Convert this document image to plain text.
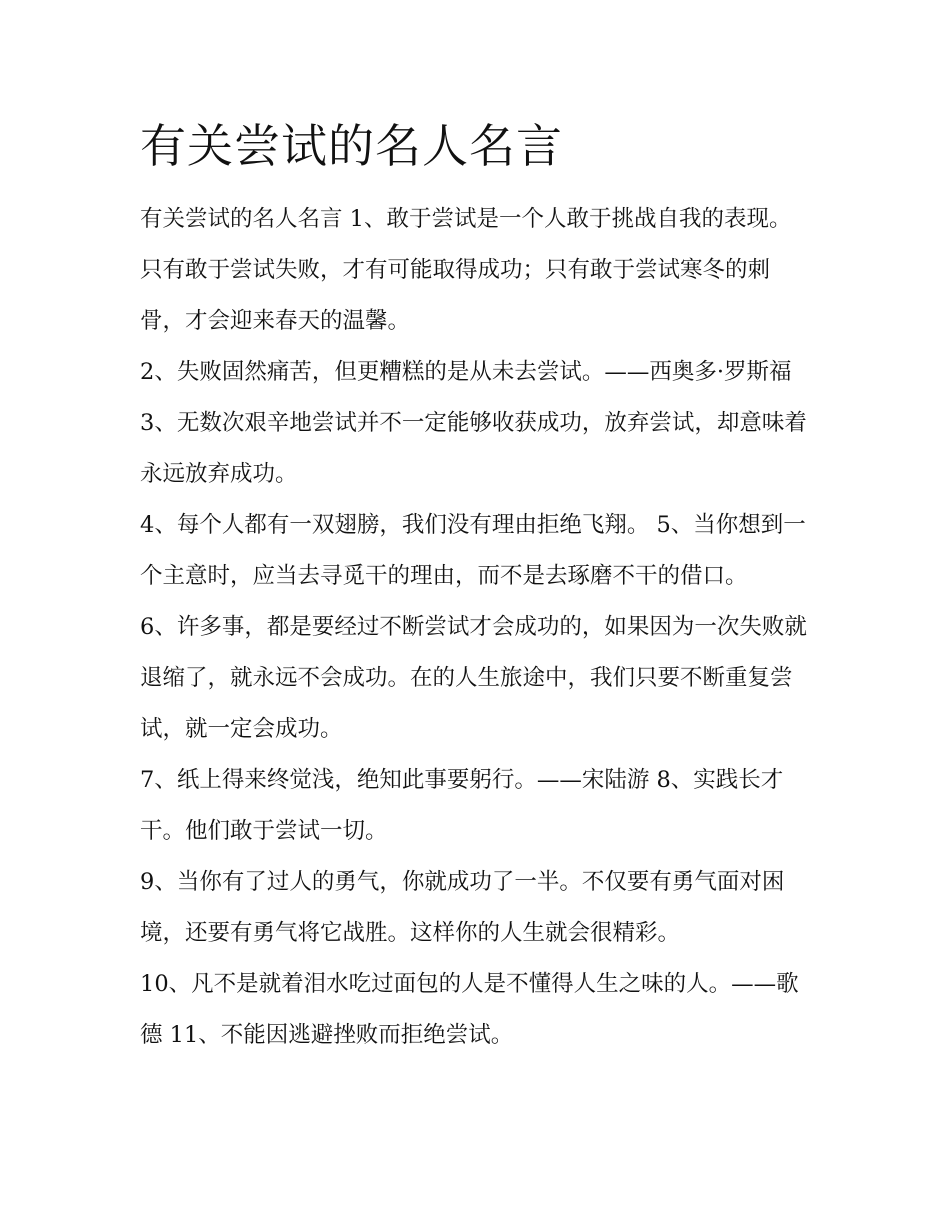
有关尝试的名人名言

有关尝试的名人名言 1、敢于尝试是一个人敢于挑战自我的表现。只有敢于尝试失败，才有可能取得成功；只有敢于尝试寒冬的刺骨，才会迎来春天的温馨。

2、失败固然痛苦，但更糟糕的是从未去尝试。——西奥多·罗斯福 3、无数次艰辛地尝试并不一定能够收获成功，放弃尝试，却意味着永远放弃成功。

4、每个人都有一双翅膀，我们没有理由拒绝飞翔。 5、当你想到一个主意时，应当去寻觅干的理由，而不是去琢磨不干的借口。

6、许多事，都是要经过不断尝试才会成功的，如果因为一次失败就退缩了，就永远不会成功。在的人生旅途中，我们只要不断重复尝试，就一定会成功。

7、纸上得来终觉浅，绝知此事要躬行。——宋陆游 8、实践长才干。他们敢于尝试一切。

9、当你有了过人的勇气，你就成功了一半。不仅要有勇气面对困境，还要有勇气将它战胜。这样你的人生就会很精彩。

10、凡不是就着泪水吃过面包的人是不懂得人生之味的人。——歌德 11、不能因逃避挫败而拒绝尝试。
